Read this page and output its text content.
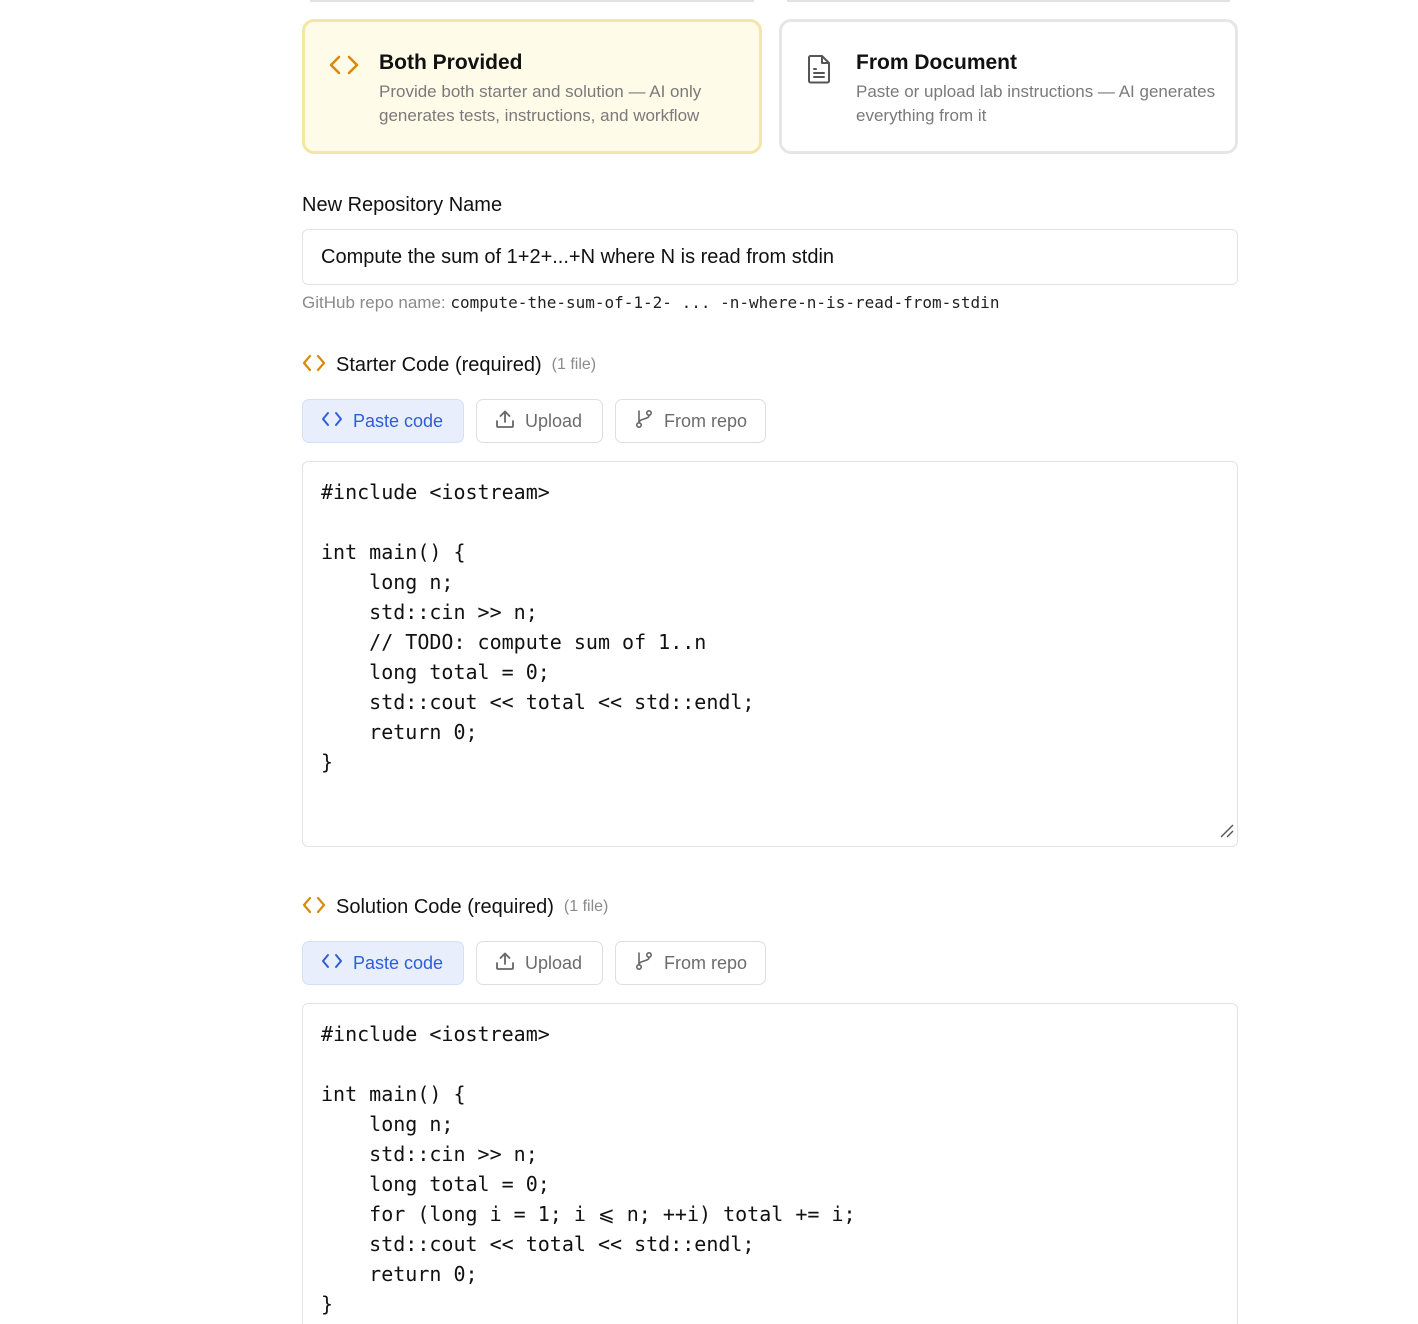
Both Provided
Provide both starter and solution — AI only generates tests, instructions, and workflow
From Document
Paste or upload lab instructions — AI generates everything from it
New Repository Name
Compute the sum of 1+2+...+N where N is read from stdin
GitHub repo name: compute-the-sum-of-1-2- ... -n-where-n-is-read-from-stdin
Starter Code (required) (1 file)
Paste code	Upload	From repo
#include <iostream>

int main() {
long n;
std::cin >> n;
// TODO: compute sum of 1..n
long total = 0;
std::cout << total << std::endl;
return 0;
}
Solution Code (required) (1 file)
Paste code	Upload	From repo
#include <iostream>

int main() {
long n;
std::cin >> n;
long total = 0;
for (long i = 1; i ⩽ n; ++i) total += i;
std::cout << total << std::endl;
return 0;
}
